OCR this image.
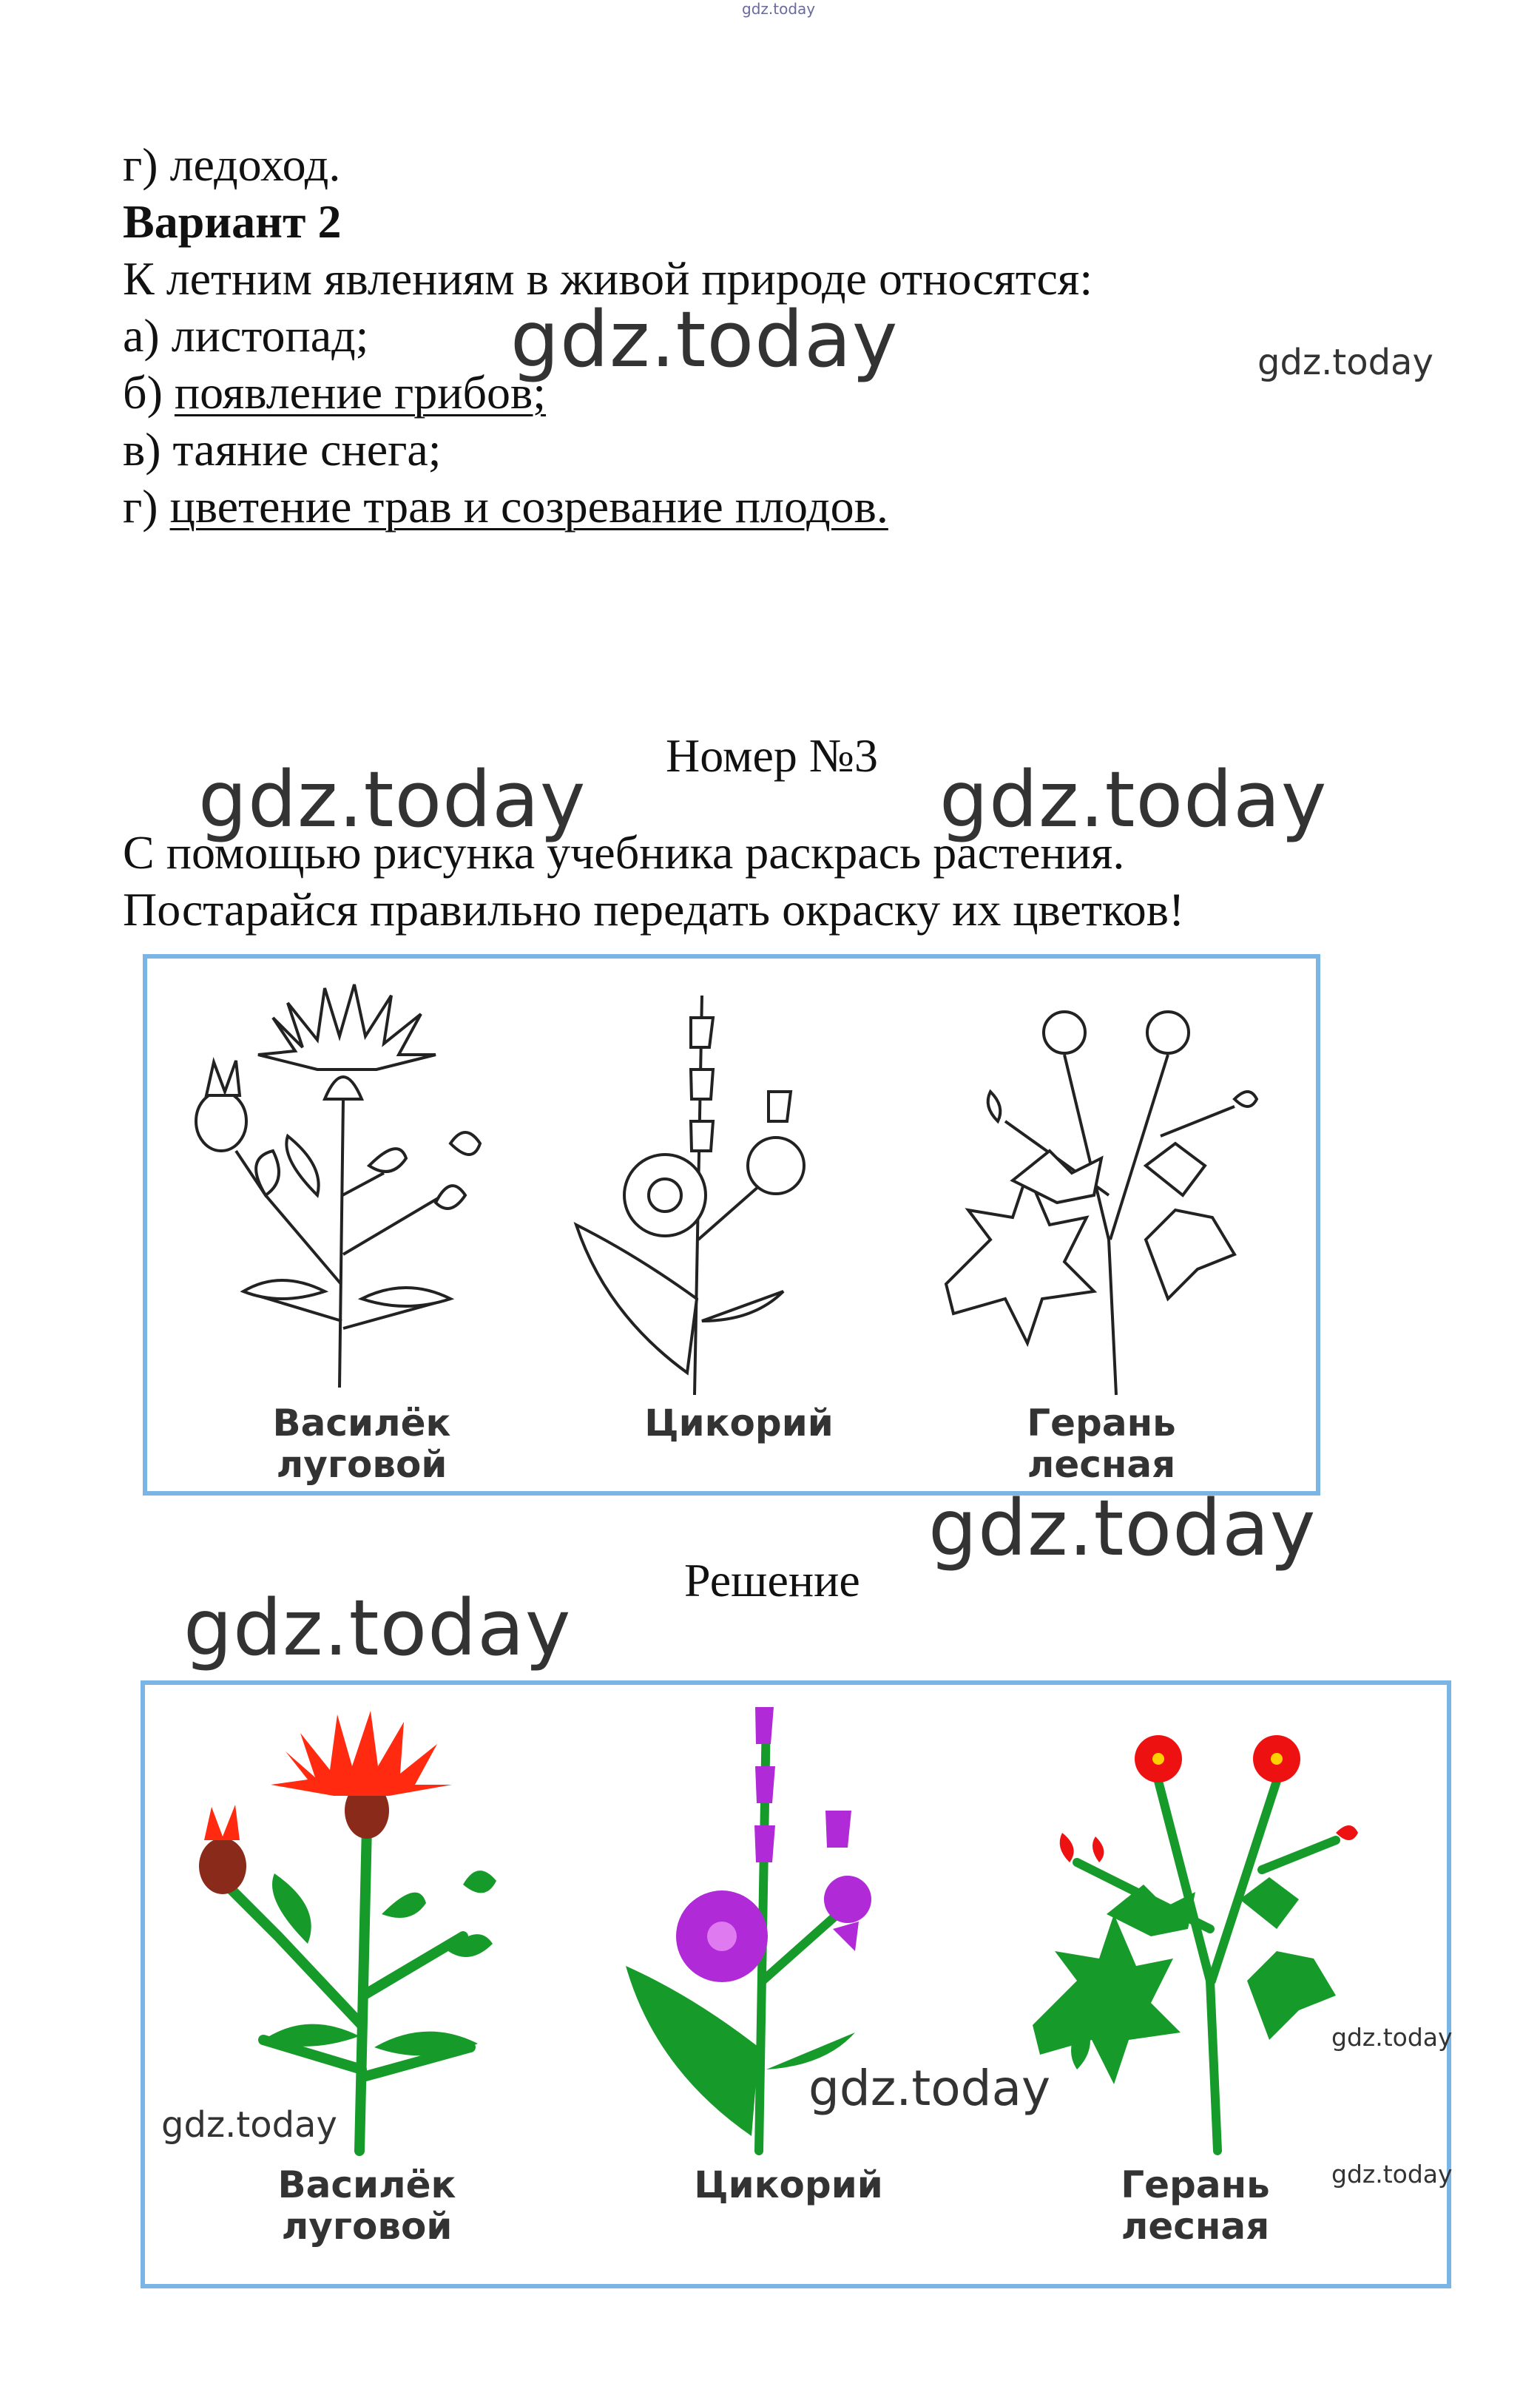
gdz.today
г) ледоход.
Вариант 2
К летним явлениям в живой природе относятся:
а) листопад;
б) появление грибов;
в) таяние снега;
г) цветение трав и созревание плодов.
gdz.today	gdz.today
Номер №3
gdz.today	gdz.today
С помощью рисунка учебника раскрась растения.
Постарайся правильно передать окраску их цветков!
Василёк
луговой
Цикорий	Герань
лесная
gdz.today
Решение
gdz.today
Василёк
луговой
Цикорий	Герань
лесная
gdz.today
gdz.today
gdz.today
gdz.today
